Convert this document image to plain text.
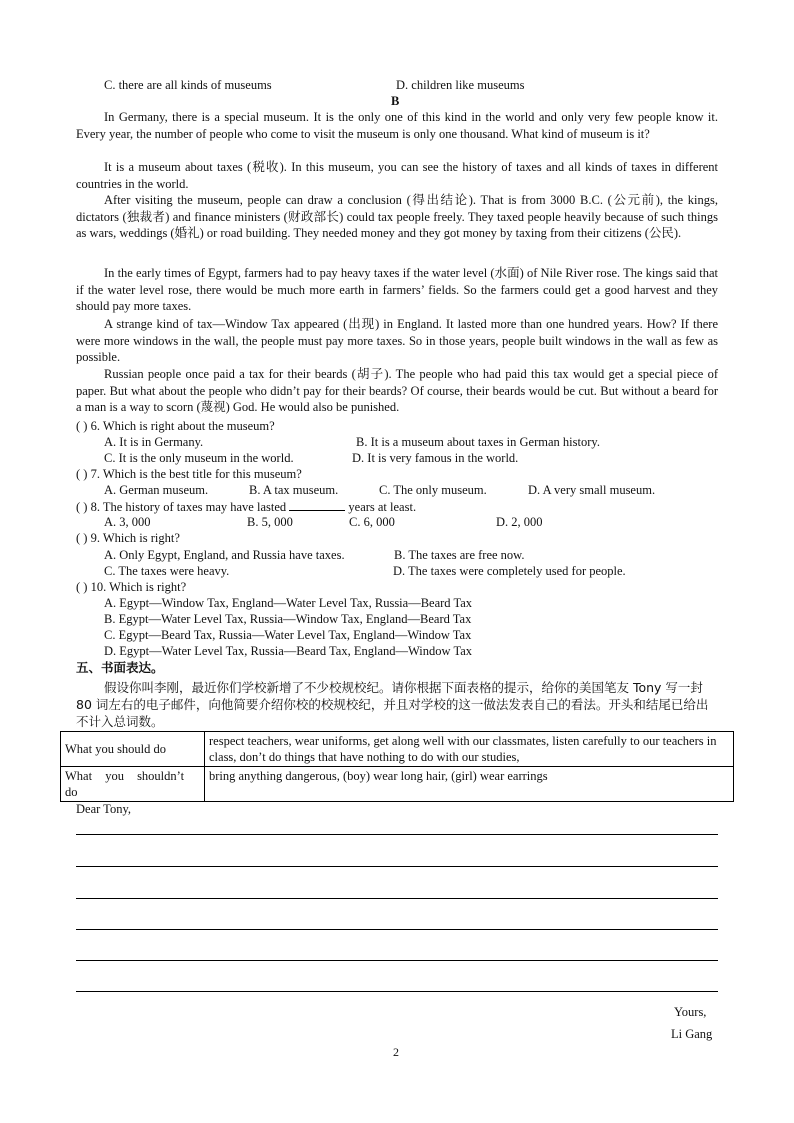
C. there are all kinds of museums	D. children like museums
B
In Germany, there is a special museum. It is the only one of this kind in the world and only very few people know it. Every year, the number of people who come to visit the museum is only one thousand. What kind of museum is it?
It is a museum about taxes (税收). In this museum, you can see the history of taxes and all kinds of taxes in different countries in the world.
After visiting the museum, people can draw a conclusion (得出结论). That is from 3000 B.C. (公元前), the kings, dictators (独裁者) and finance ministers (财政部长) could tax people freely. They taxed people heavily because of such things as wars, weddings (婚礼) or road building. They needed money and they got money by taxing from their citizens (公民).
In the early times of Egypt, farmers had to pay heavy taxes if the water level (水面) of Nile River rose. The kings said that if the water level rose, there would be much more earth in farmers’ fields. So the farmers could get a good harvest and they should pay more taxes.
A strange kind of tax—Window Tax appeared (出现) in England. It lasted more than one hundred years. How? If there were more windows in the wall, the people must pay more taxes. So in those years, people built windows in the wall as few as possible.
Russian people once paid a tax for their beards (胡子). The people who had paid this tax would get a special piece of paper. But what about the people who didn’t pay for their beards? Of course, their beards would be cut. But without a beard for a man is a way to scorn (蔑视) God. He would also be punished.
( ) 6. Which is right about the museum?
A. It is in Germany.	B. It is a museum about taxes in German history.
C. It is the only museum in the world.	D. It is very famous in the world.
( ) 7. Which is the best title for this museum?
A. German museum.	B. A tax museum.	C. The only museum.	D. A very small museum.
( ) 8. The history of taxes may have lasted	years at least.
A. 3, 000	B. 5, 000	C. 6, 000	D. 2, 000
( ) 9. Which is right?
A. Only Egypt, England, and Russia have taxes.	B. The taxes are free now.
C. The taxes were heavy.	D. The taxes were completely used for people.
( ) 10. Which is right?
A. Egypt—Window Tax, England—Water Level Tax, Russia—Beard Tax
B. Egypt—Water Level Tax, Russia—Window Tax, England—Beard Tax
C. Egypt—Beard Tax, Russia—Water Level Tax, England—Window Tax
D. Egypt—Water Level Tax, Russia—Beard Tax, England—Window Tax
五、书面表达。
假设你叫李刚，最近你们学校新增了不少校规校纪。请你根据下面表格的提示，给你的美国笔友 Tony 写一封 80 词左右的电子邮件，向他简要介绍你校的校规校纪，并且对学校的这一做法发表自己的看法。开头和结尾已给出不计入总词数。
What you should do	respect teachers, wear uniforms, get along well with our classmates, listen carefully to our teachers in class, don’t do things that have nothing to do with our studies,
What you shouldn’t do	bring anything dangerous, (boy) wear long hair, (girl) wear earrings
Dear Tony,
Yours,
Li Gang
2
